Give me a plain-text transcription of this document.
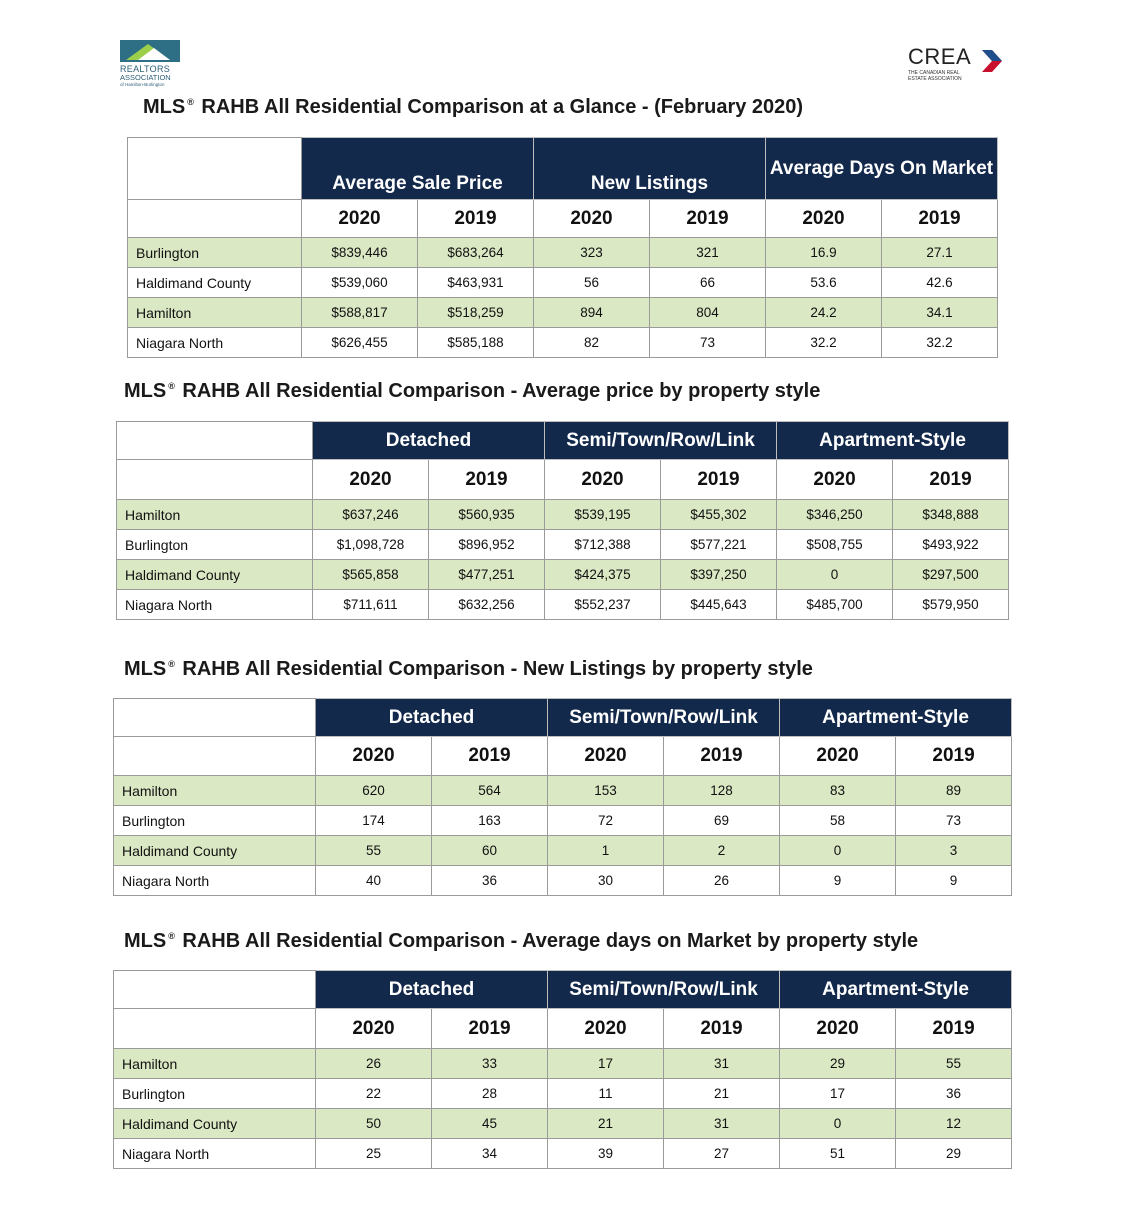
REALTORS
ASSOCIATION
of Hamilton-Burlington
CREA
THE CANADIAN REAL ESTATE ASSOCIATION
MLS ® RAHB All Residential Comparison at a Glance - (February 2020)
	Average Sale Price		New Listings		Average Days On Market	
	2020	2019	2020	2019	2020	2019
Burlington	$839,446	$683,264	323	321	16.9	27.1
Haldimand County	$539,060	$463,931	56	66	53.6	42.6
Hamilton	$588,817	$518,259	894	804	24.2	34.1
Niagara North	$626,455	$585,188	82	73	32.2	32.2
MLS ® RAHB All Residential Comparison - Average price by property style
	Detached		Semi/Town/Row/Link		Apartment-Style	
	2020	2019	2020	2019	2020	2019
Hamilton	$637,246	$560,935	$539,195	$455,302	$346,250	$348,888
Burlington	$1,098,728	$896,952	$712,388	$577,221	$508,755	$493,922
Haldimand County	$565,858	$477,251	$424,375	$397,250	0	$297,500
Niagara North	$711,611	$632,256	$552,237	$445,643	$485,700	$579,950
MLS ® RAHB All Residential Comparison - New Listings by property style
	Detached		Semi/Town/Row/Link		Apartment-Style	
	2020	2019	2020	2019	2020	2019
Hamilton	620	564	153	128	83	89
Burlington	174	163	72	69	58	73
Haldimand County	55	60	1	2	0	3
Niagara North	40	36	30	26	9	9
MLS ® RAHB All Residential Comparison - Average days on Market by property style
	Detached		Semi/Town/Row/Link		Apartment-Style	
	2020	2019	2020	2019	2020	2019
Hamilton	26	33	17	31	29	55
Burlington	22	28	11	21	17	36
Haldimand County	50	45	21	31	0	12
Niagara North	25	34	39	27	51	29
